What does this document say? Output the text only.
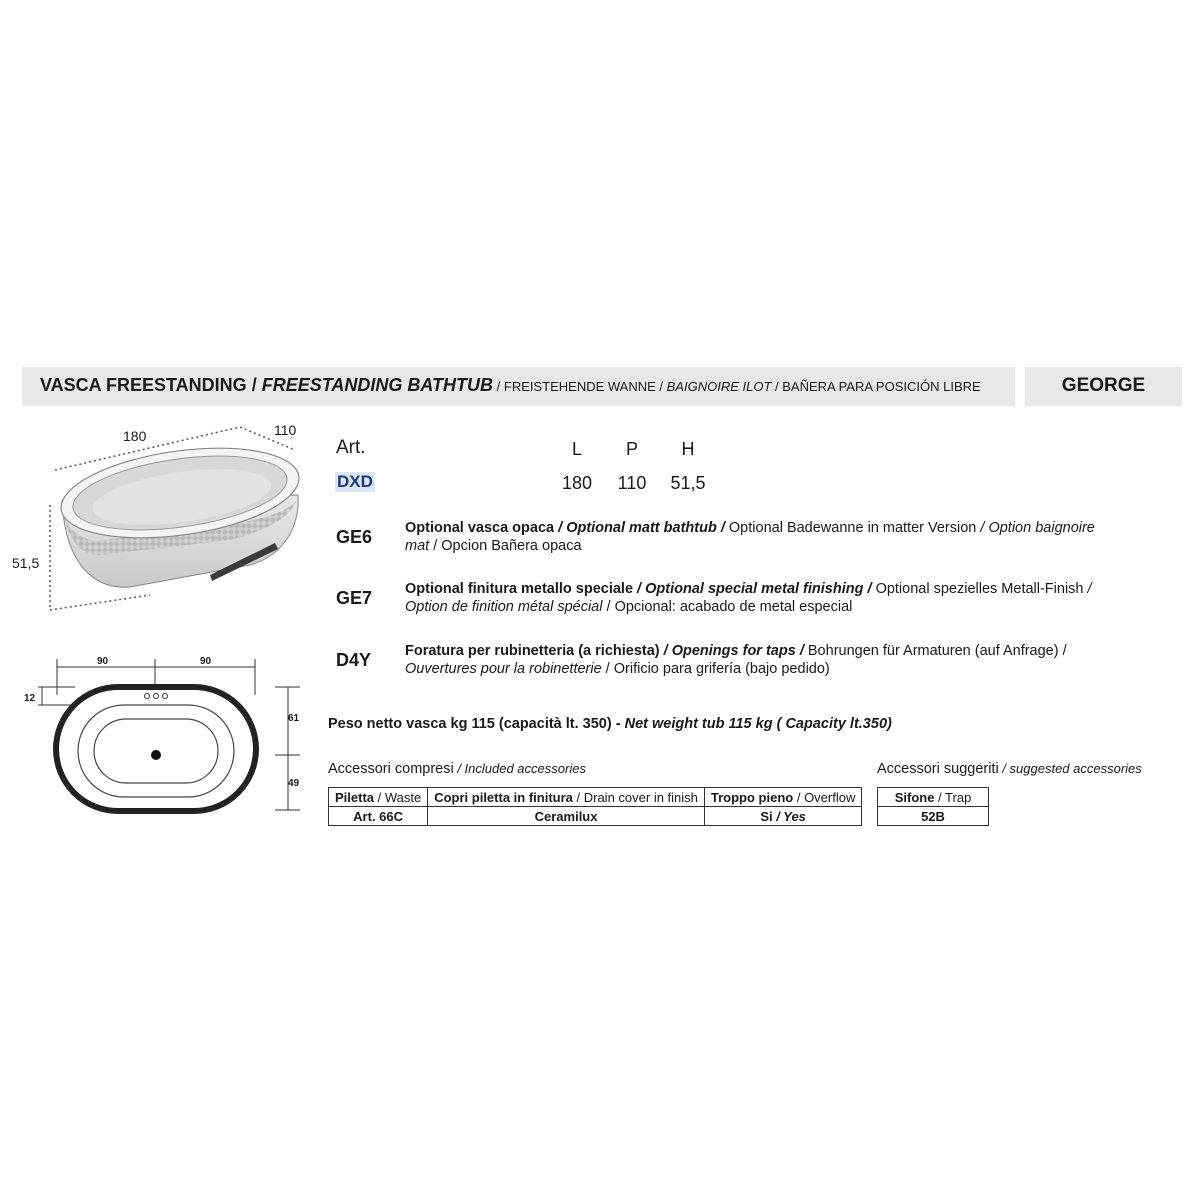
VASCA FREESTANDING / FREESTANDING BATHTUB / FREISTEHENDE WANNE / BAIGNOIRE ILOT / BAÑERA PARA POSICIÓN LIBRE	GEORGE
180	110
51,5
90	90
12
61
49
Art.	L	P	H
DXD	180	110	51,5
GE6 Optional vasca opaca / Optional matt bathtub / Optional Badewanne in matter Version / Option baignoire mat / Opcion Bañera opaca
GE7 Optional finitura metallo speciale / Optional special metal finishing / Optional spezielles Metall-Finish / Option de finition métal spécial / Opcional: acabado de metal especial
D4Y Foratura per rubinetteria (a richiesta) / Openings for taps / Bohrungen für Armaturen (auf Anfrage) / Ouvertures pour la robinetterie / Orificio para grifería (bajo pedido)
Peso netto vasca kg 115 (capacità lt. 350) - Net weight tub 115 kg ( Capacity lt.350)
Accessori compresi / Included accessories
Piletta / Waste	Copri piletta in finitura / Drain cover in finish	Troppo pieno / Overflow
Art. 66C	Ceramilux	Si / Yes
Accessori suggeriti / suggested accessories
Sifone / Trap
52B
